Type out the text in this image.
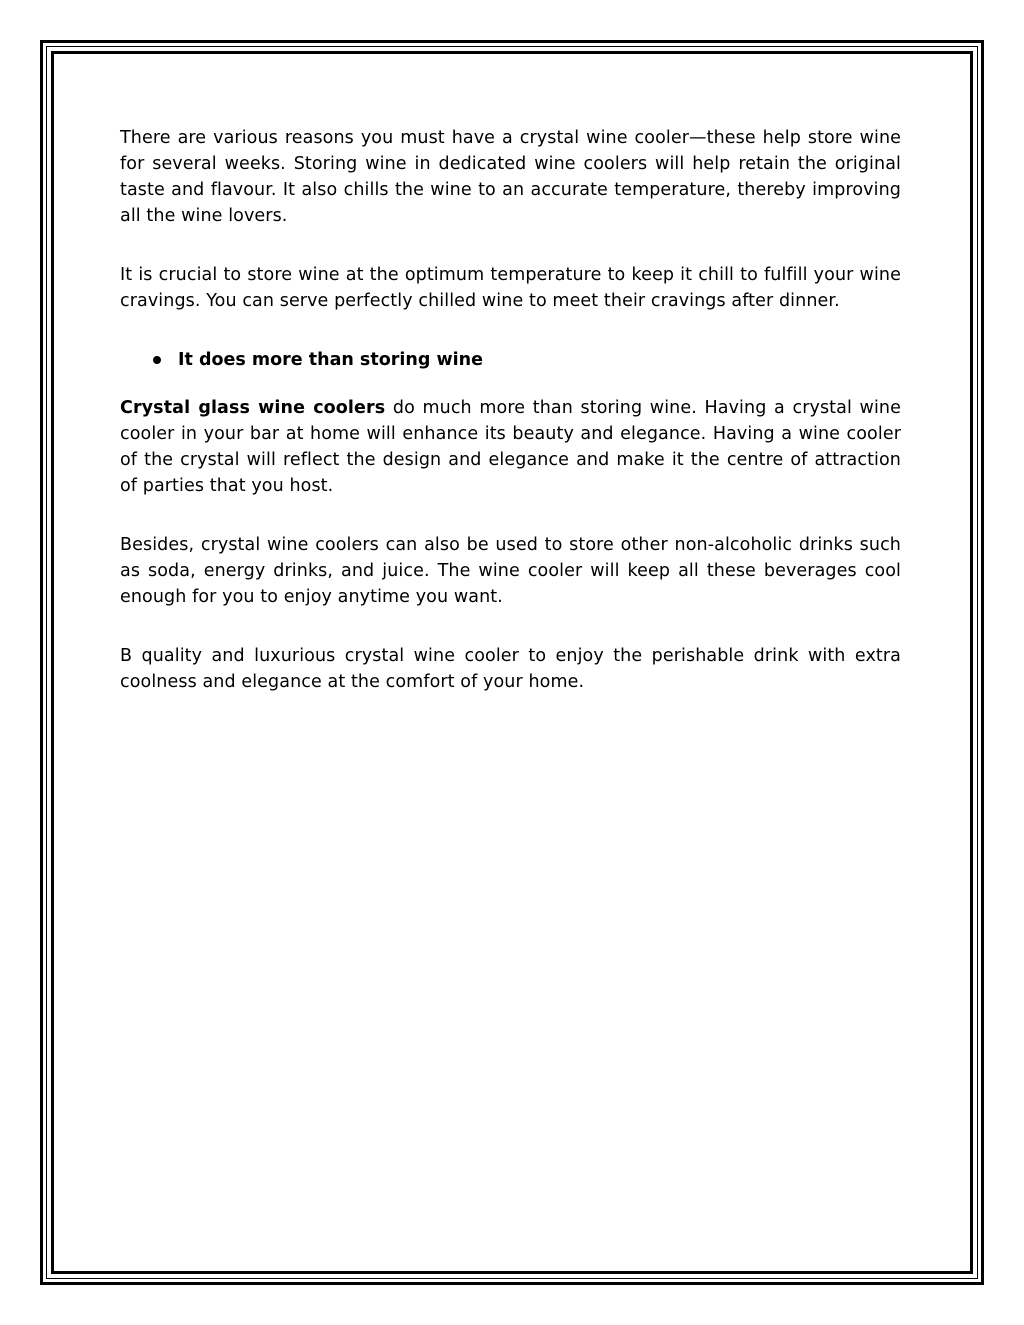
There are various reasons you must have a crystal wine cooler—these help store wine for several weeks. Storing wine in dedicated wine coolers will help retain the original taste and flavour. It also chills the wine to an accurate temperature, thereby improving all the wine lovers.

It is crucial to store wine at the optimum temperature to keep it chill to fulfill your wine cravings. You can serve perfectly chilled wine to meet their cravings after dinner.

It does more than storing wine

Crystal glass wine coolers do much more than storing wine. Having a crystal wine cooler in your bar at home will enhance its beauty and elegance. Having a wine cooler of the crystal will reflect the design and elegance and make it the centre of attraction of parties that you host.

Besides, crystal wine coolers can also be used to store other non-alcoholic drinks such as soda, energy drinks, and juice. The wine cooler will keep all these beverages cool enough for you to enjoy anytime you want.

B quality and luxurious crystal wine cooler to enjoy the perishable drink with extra coolness and elegance at the comfort of your home.
